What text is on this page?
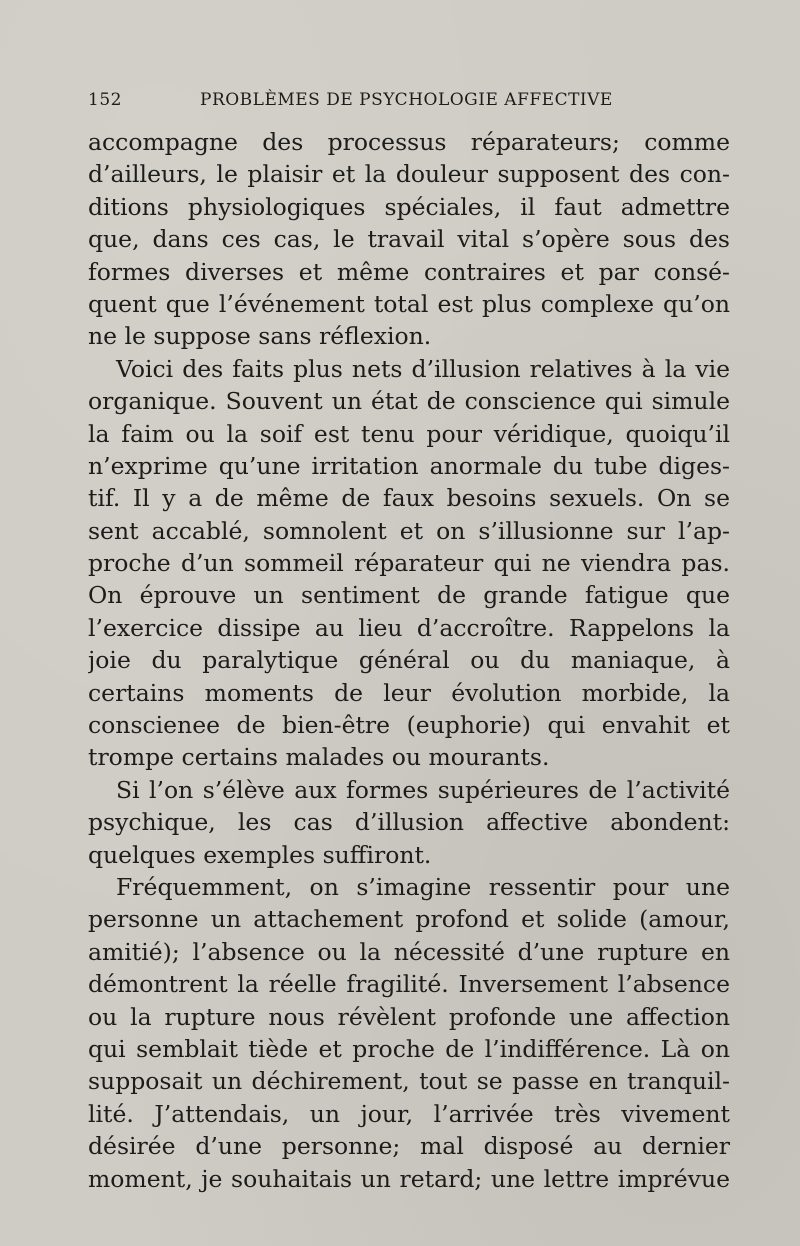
152	PROBLÈMES DE PSYCHOLOGIE AFFECTIVE
accompagne des processus réparateurs; comme
d’ailleurs, le plaisir et la douleur supposent des con-
ditions physiologiques spéciales, il faut admettre
que, dans ces cas, le travail vital s’opère sous des
formes diverses et même contraires et par consé-
quent que l’événement total est plus complexe qu’on
ne le suppose sans réflexion.
Voici des faits plus nets d’illusion relatives à la vie
organique. Souvent un état de conscience qui simule
la faim ou la soif est tenu pour véridique, quoiqu’il
n’exprime qu’une irritation anormale du tube diges-
tif. Il y a de même de faux besoins sexuels. On se
sent accablé, somnolent et on s’illusionne sur l’ap-
proche d’un sommeil réparateur qui ne viendra pas.
On éprouve un sentiment de grande fatigue que
l’exercice dissipe au lieu d’accroître. Rappelons la
joie du paralytique général ou du maniaque, à
certains moments de leur évolution morbide, la
conscienee de bien-être (euphorie) qui envahit et
trompe certains malades ou mourants.
Si l’on s’élève aux formes supérieures de l’activité
psychique, les cas d’illusion affective abondent:
quelques exemples suffiront.
Fréquemment, on s’imagine ressentir pour une
personne un attachement profond et solide (amour,
amitié); l’absence ou la nécessité d’une rupture en
démontrent la réelle fragilité. Inversement l’absence
ou la rupture nous révèlent profonde une affection
qui semblait tiède et proche de l’indifférence. Là on
supposait un déchirement, tout se passe en tranquil-
lité. J’attendais, un jour, l’arrivée très vivement
désirée d’une personne; mal disposé au dernier
moment, je souhaitais un retard; une lettre imprévue
